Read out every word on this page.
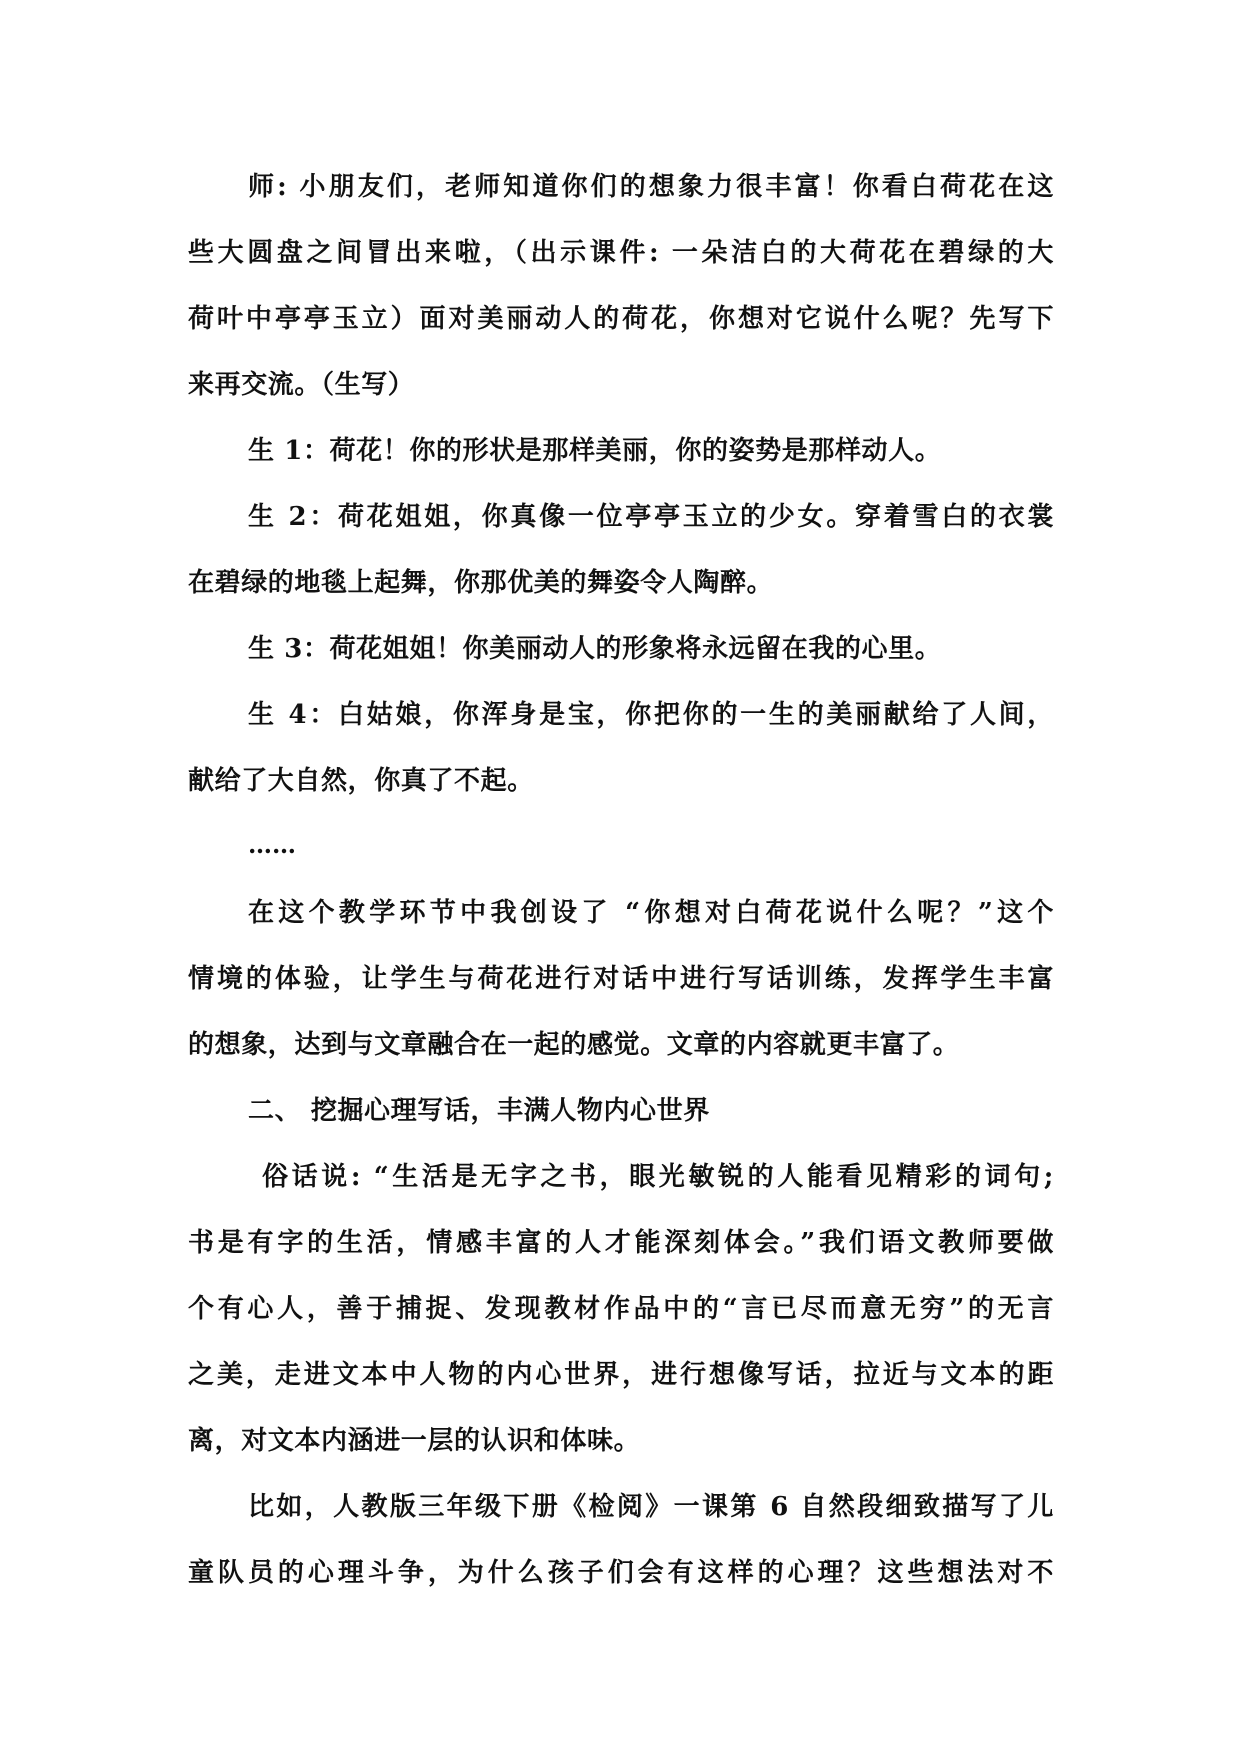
师: 小朋友们，老师知道你们的想象力很丰富！你看白荷花在这
些大圆盘之间冒出来啦，（出示课件: 一朵洁白的大荷花在碧绿的大
荷叶中亭亭玉立）面对美丽动人的荷花，你想对它说什么呢？先写下
来再交流。（生写）
生 1：荷花！你的形状是那样美丽，你的姿势是那样动人。
生 2：荷花姐姐，你真像一位亭亭玉立的少女。穿着雪白的衣裳
在碧绿的地毯上起舞，你那优美的舞姿令人陶醉。
生 3：荷花姐姐！你美丽动人的形象将永远留在我的心里。
生 4：白姑娘，你浑身是宝，你把你的一生的美丽献给了人间，
献给了大自然，你真了不起。
……
在这个教学环节中我创设了 “你想对白荷花说什么呢？”这个
情境的体验，让学生与荷花进行对话中进行写话训练，发挥学生丰富
的想象，达到与文章融合在一起的感觉。文章的内容就更丰富了。
二、 挖掘心理写话，丰满人物内心世界
俗话说: “生活是无字之书，眼光敏锐的人能看见精彩的词句;
书是有字的生活，情感丰富的人才能深刻体会。”我们语文教师要做
个有心人，善于捕捉、发现教材作品中的“言已尽而意无穷”的无言
之美，走进文本中人物的内心世界，进行想像写话，拉近与文本的距
离，对文本内涵进一层的认识和体味。
比如，人教版三年级下册《检阅》一课第 6 自然段细致描写了儿
童队员的心理斗争，为什么孩子们会有这样的心理？这些想法对不
